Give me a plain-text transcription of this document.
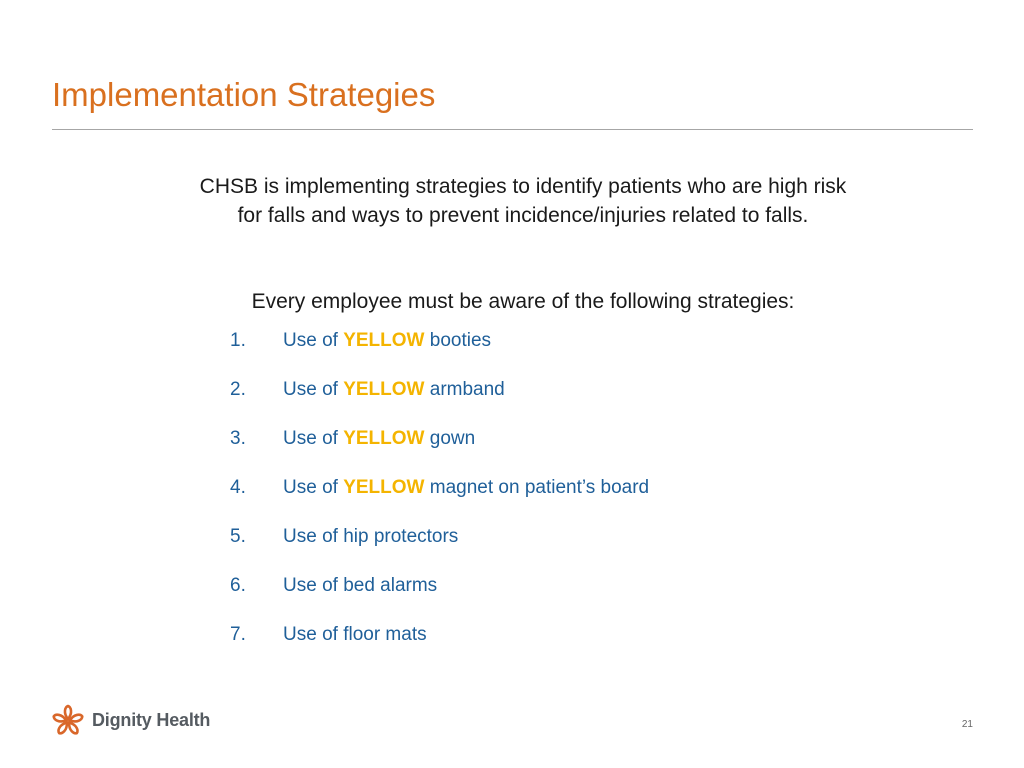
Implementation Strategies
CHSB is implementing strategies to identify patients who are high risk
for falls and ways to prevent incidence/injuries related to falls.
Every employee must be aware of the following strategies:
1.	Use of YELLOW booties
2.	Use of YELLOW armband
3.	Use of YELLOW gown
4.	Use of YELLOW magnet on patient’s board
5.	Use of hip protectors
6.	Use of bed alarms
7.	Use of floor mats
Dignity Health	21
